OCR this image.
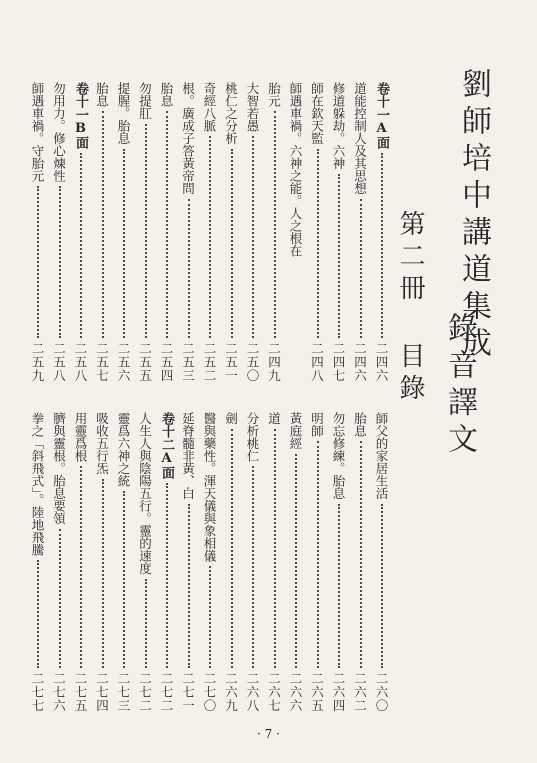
劉師培中講道集成
錄音譯文
第二冊 目錄
卷十一A面
二四六
道能控制人及其思想
二四六
修道躲劫。六神
二四七
師在欽天監
二四八
師遇車禍。六神之能。人之根在
胎元
二四九
大智若愚
二五〇
桃仁之分析
二五一
奇經八脈
二五二
根。廣成子答黃帝問
二五三
胎息
二五四
勿提肛
二五五
提腥。胎息
二五六
胎息
二五七
卷十一B面
二五八
勿用力。修心煉性
二五八
師遇車禍。守胎元
二五九
師父的家居生活
二六〇
胎息
二六二
勿忘修練。胎息
二六四
明師
二六五
黃庭經
二六六
道
二六七
分析桃仁
二六八
劍
二六九
醫與藥性。渾天儀與象相儀
二七〇
延脊髓非黃、白
二七一
卷十二A面
二七二
人生人與陰陽五行。靈的速度
二七二
靈爲六神之統
二七三
吸收五行炁
二七四
用靈爲根
二七五
臍與靈根。胎息要領
二七六
拳之「斜飛式」。陸地飛騰
二七七
· 7 ·
